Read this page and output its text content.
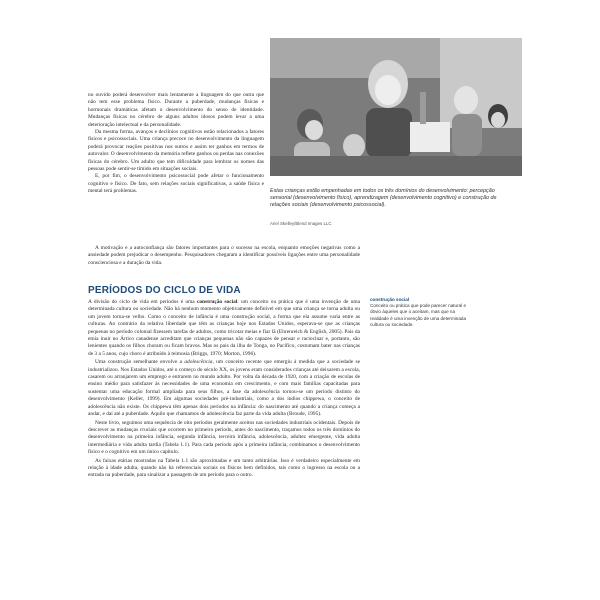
no ouvido poderá desenvolver mais lentamente a linguagem do que outra que não tem esse problema físico. Durante a puberdade, mudanças físicas e hormonais dramáticas afetam o desenvolvimento do senso de identidade. Mudanças físicas no cérebro de alguns adultos idosos podem levar a uma deterioração intelectual e da personalidade.

Da mesma forma, avanços e declínios cognitivos estão relacionados a fatores físicos e psicossociais. Uma criança precoce no desenvolvimento da linguagem poderá provocar reações positivas nos outros e assim ter ganhos em termos de autovalor. O desenvolvimento da memória reflete ganhos ou perdas nas conexões físicas do cérebro. Um adulto que tem dificuldade para lembrar os nomes das pessoas pode sentir-se tímido em situações sociais.

E, por fim, o desenvolvimento psicossocial pode afetar o funcionamento cognitivo e físico. De fato, sem relações sociais significativas, a saúde física e mental terá problemas.	Estas crianças estão empenhadas em todos os três domínios do desenvolvimento: percepção sensorial (desenvolvimento físico), aprendizagem (desenvolvimento cognitivo) e construção de relações sociais (desenvolvimento psicossocial).
Ariel Skelley/Blend Images LLC

A motivação e a autoconfiança são fatores importantes para o sucesso na escola, enquanto emoções negativas como a ansiedade podem prejudicar o desempenho. Pesquisadores chegaram a identificar possíveis ligações entre uma personalidade conscienciosa e a duração da vida.

PERÍODOS DO CICLO DE VIDA

A divisão do ciclo de vida em períodos é uma construção social: um conceito ou prática que é uma invenção de uma determinada cultura ou sociedade. Não há nenhum momento objetivamente definível em que uma criança se torna adulta ou um jovem torna-se velho. Como o conceito de infância é uma construção social, a forma que ela assume varia entre as culturas. Ao contrário da relativa liberdade que têm as crianças hoje nos Estados Unidos, esperava-se que as crianças pequenas no período colonial fizessem tarefas de adultos, como tricotar meias e fiar lã (Ehrenreich & English, 2005). Pais da etnia inuit no Ártico canadense acreditam que crianças pequenas não são capazes de pensar e raciocinar e, portanto, são lenientes quando os filhos choram ou ficam bravos. Mas os pais da ilha de Tonga, no Pacífico, costumam bater nas crianças de 3 a 5 anos, cujo choro é atribuído à teimosia (Briggs, 1970; Morton, 1996).

Uma construção semelhante envolve a adolescência, um conceito recente que emergiu à medida que a sociedade se industrializou. Nos Estados Unidos, até o começo do século XX, os jovens eram considerados crianças até deixarem a escola, casarem ou arranjarem um emprego e entrarem no mundo adulto. Por volta da década de 1920, com a criação de escolas de ensino médio para satisfazer às necessidades de uma economia em crescimento, e com mais famílias capacitadas para sustentar uma educação formal ampliada para seus filhos, a fase da adolescência tornou-se um período distinto do desenvolvimento (Keller, 1999). Em algumas sociedades pré-industriais, como a dos índios chippewa, o conceito de adolescência não existe. Os chippewa têm apenas dois períodos na infância: do nascimento até quando a criança começa a andar, e daí até a puberdade. Aquilo que chamamos de adolescência faz parte da vida adulta (Broude, 1995).

Neste livro, seguimos uma sequência de oito períodos geralmente aceitos nas sociedades industriais ocidentais. Depois de descrever as mudanças cruciais que ocorrem no primeiro período, antes do nascimento, traçamos todos os três domínios do desenvolvimento na primeira infância, segunda infância, terceira infância, adolescência, adultez emergente, vida adulta intermediária e vida adulta tardia (Tabela 1.1). Para cada período após a primeira infância, combinamos o desenvolvimento físico e o cognitivo em um único capítulo.

As faixas etárias mostradas na Tabela 1.1 são aproximadas e um tanto arbitrárias. Isso é verdadeiro especialmente em relação à idade adulta, quando não há referenciais sociais ou físicos bem definidos, tais como o ingresso na escola ou a entrada na puberdade, para sinalizar a passagem de um período para o outro.

construção social
Conceito ou prática que pode parecer natural e óbvio àqueles que o aceitam, mas que na realidade é uma invenção de uma determinada cultura ou sociedade.
